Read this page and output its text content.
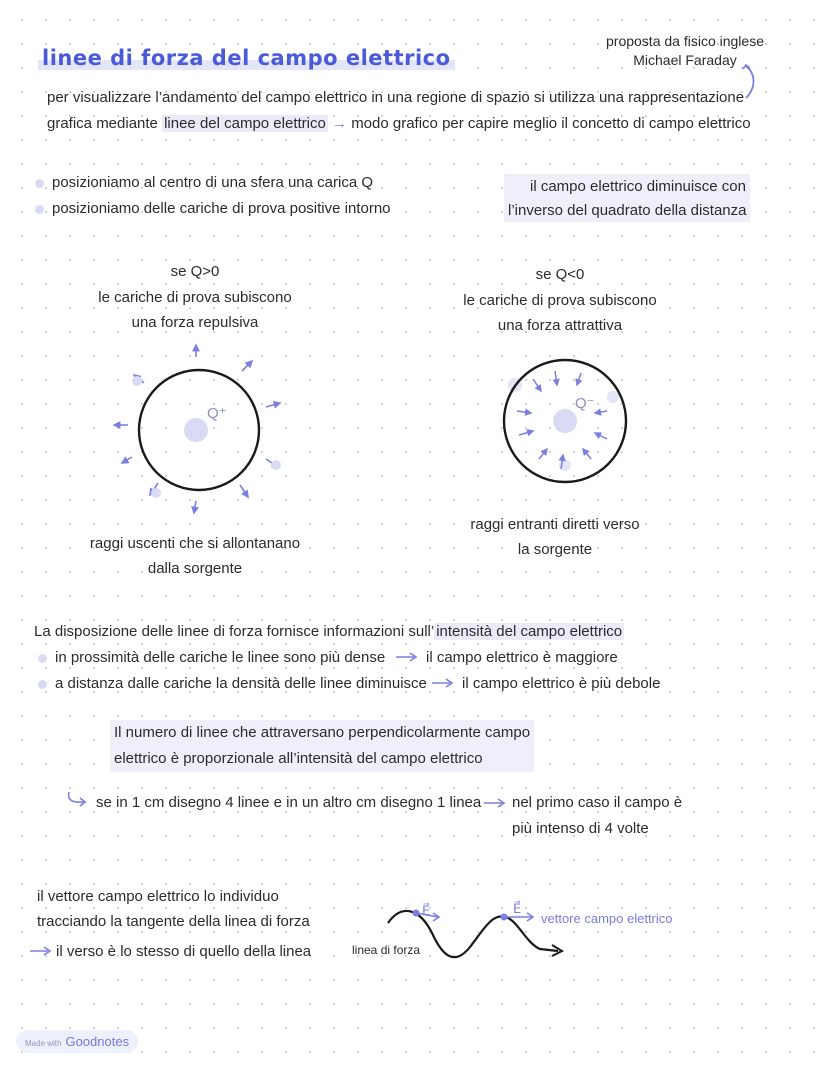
linee di forza del campo elettrico
proposta da fisico inglese
Michael Faraday
per visualizzare l’andamento del campo elettrico in una regione di spazio si utilizza una rappresentazione
grafica mediante linee del campo elettrico → modo grafico per capire meglio il concetto di campo elettrico
posizioniamo al centro di una sfera una carica Q
posizioniamo delle cariche di prova positive intorno
il campo elettrico diminuisce con
l’inverso del quadrato della distanza
se Q>0
le cariche di prova subiscono
una forza repulsiva
Q⁺
raggi uscenti che si allontanano
dalla sorgente
se Q<0
le cariche di prova subiscono
una forza attrattiva
Q⁻
raggi entranti diretti verso
la sorgente
La disposizione delle linee di forza fornisce informazioni sull’ intensità del campo elettrico
in prossimità delle cariche le linee sono più dense	il campo elettrico è maggiore
a distanza dalle cariche la densità delle linee diminuisce il campo elettrico è più debole
Il numero di linee che attraversano perpendicolarmente campo
elettrico è proporzionale all’intensità del campo elettrico
se in 1 cm disegno 4 linee e in un altro cm disegno 1 linea nel primo caso il campo è
più intenso di 4 volte
il vettore campo elettrico lo individuo
tracciando la tangente della linea di forza
il verso è lo stesso di quello della linea	linea di forza
E⃗	E⃗
vettore campo elettrico
Made with Goodnotes
